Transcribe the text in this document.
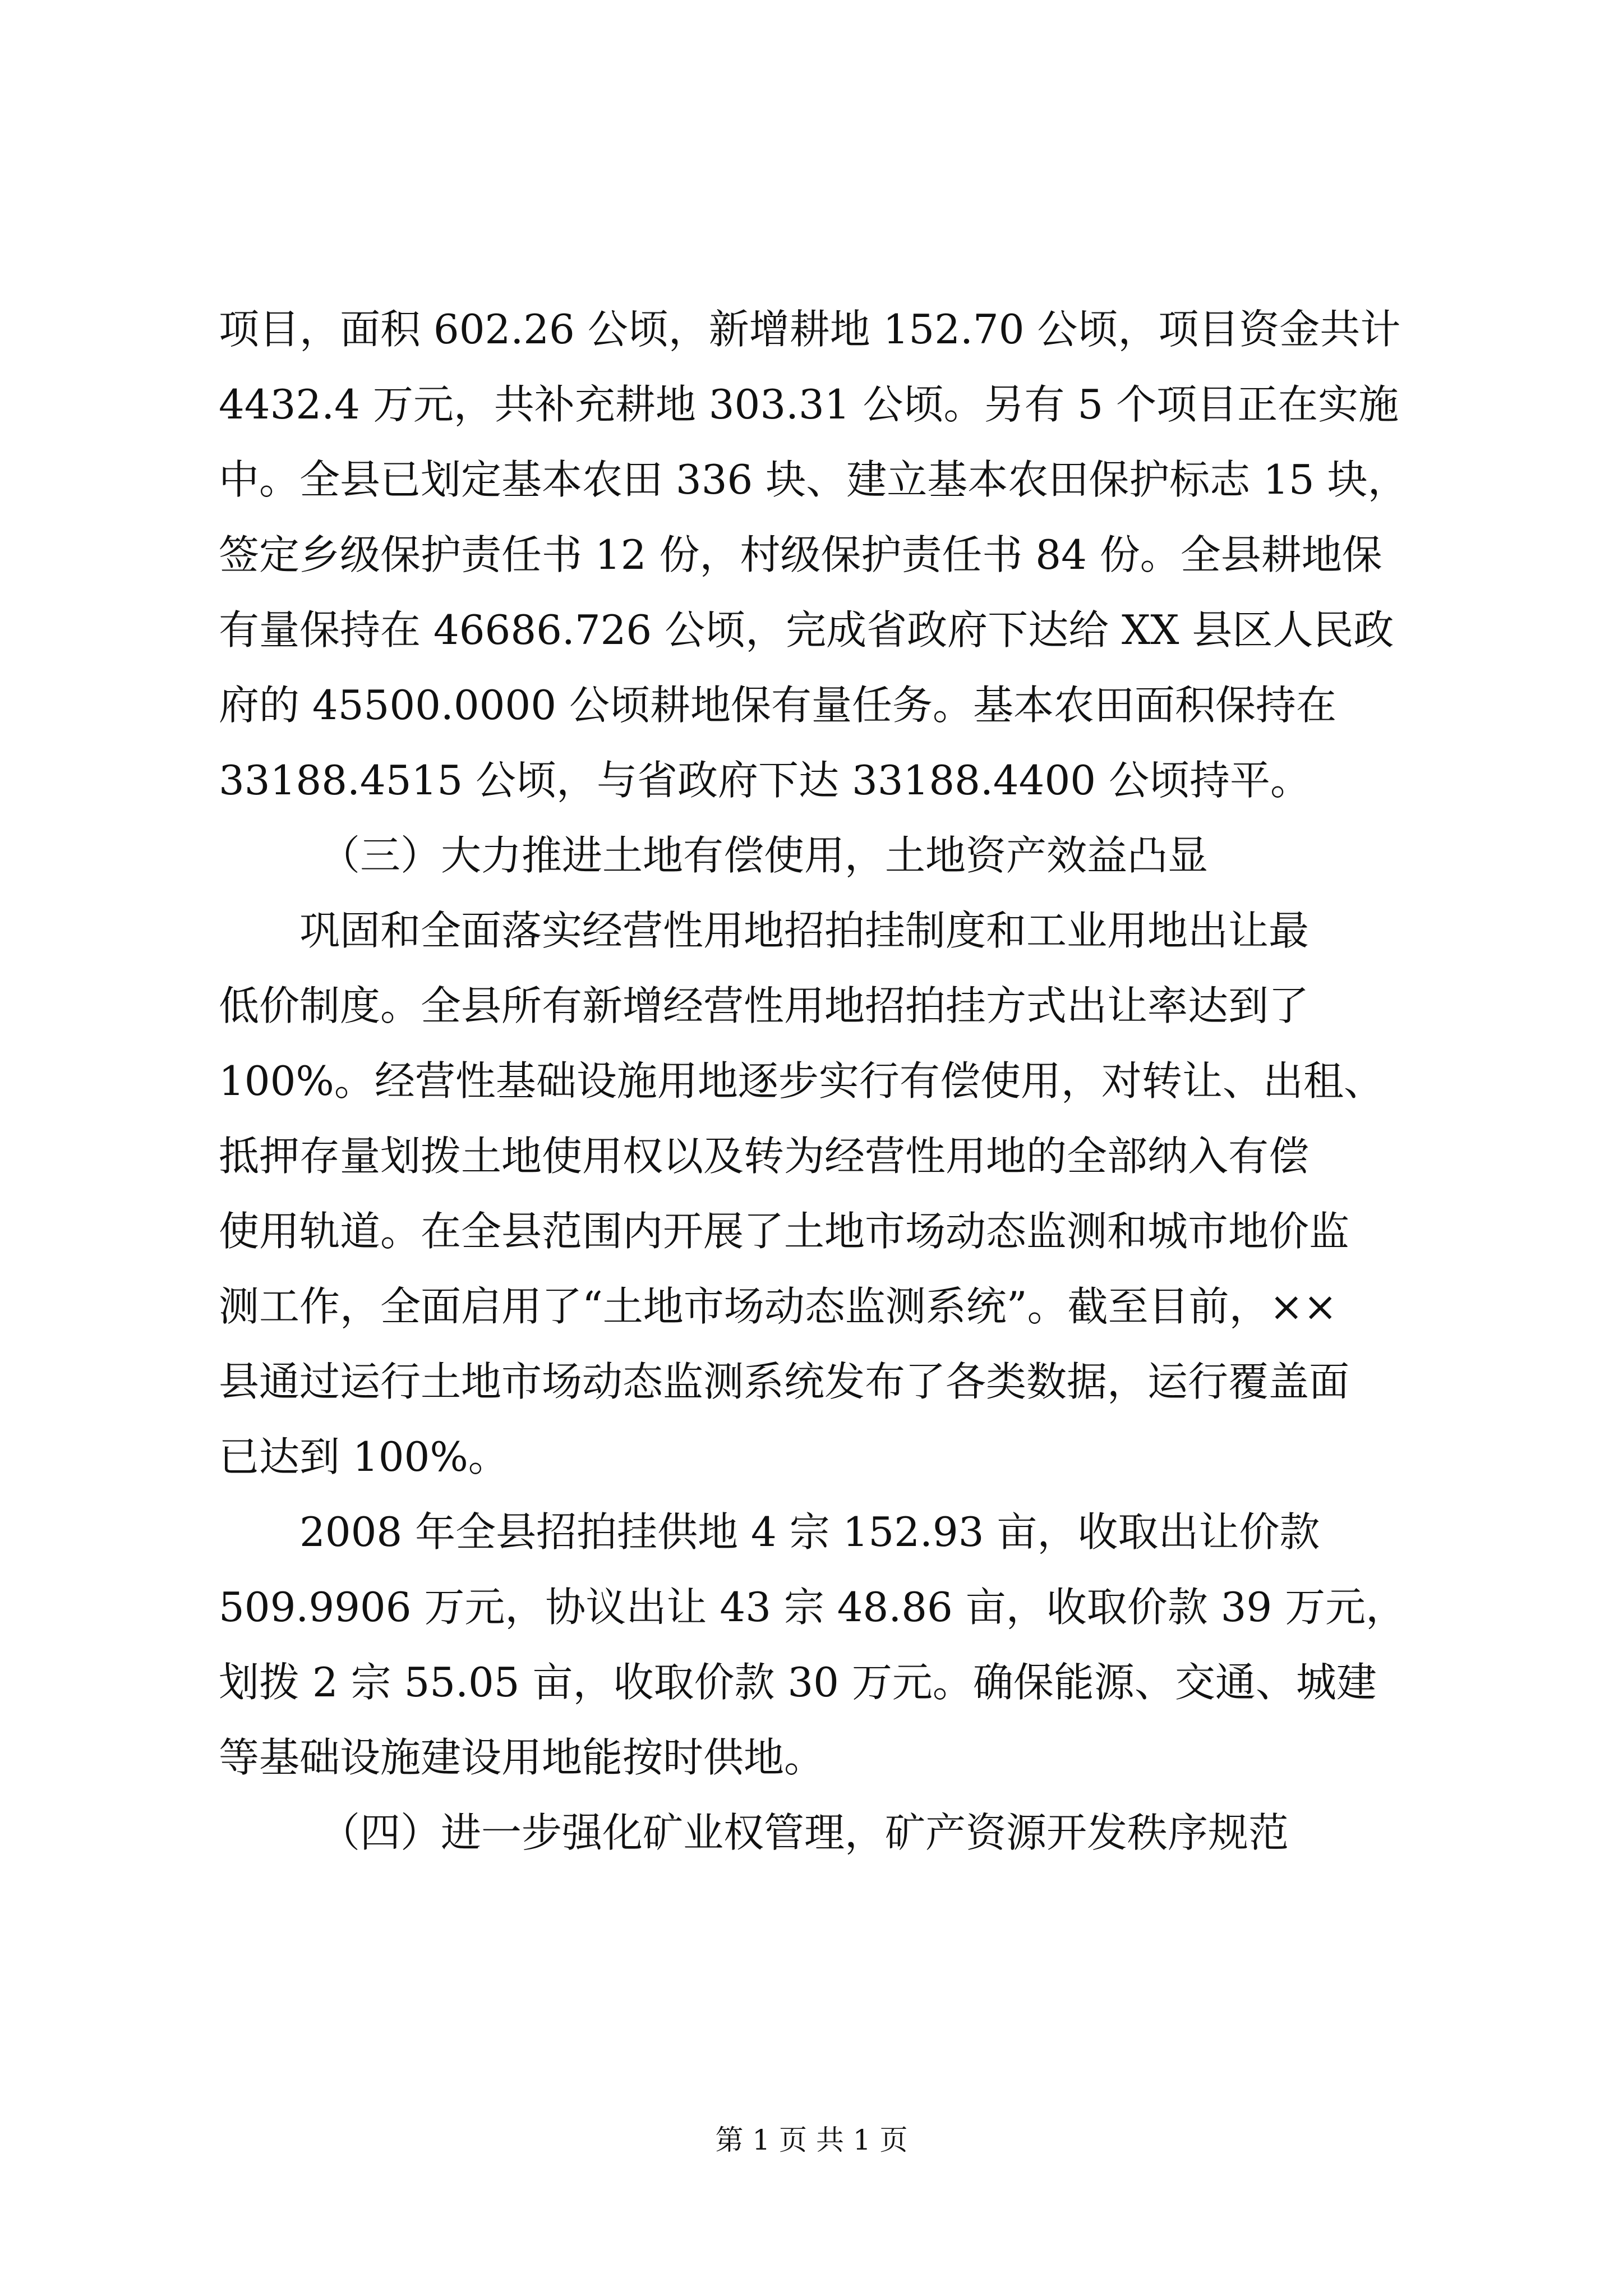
项目，面积 602.26 公顷，新增耕地 152.70 公顷，项目资金共计
4432.4 万元，共补充耕地 303.31 公顷。另有 5 个项目正在实施
中。全县已划定基本农田 336 块、建立基本农田保护标志 15 块，
签定乡级保护责任书 12 份，村级保护责任书 84 份。全县耕地保
有量保持在 46686.726 公顷，完成省政府下达给 XX 县区人民政
府的 45500.0000 公顷耕地保有量任务。基本农田面积保持在
33188.4515 公顷，与省政府下达 33188.4400 公顷持平。
（三）大力推进土地有偿使用，土地资产效益凸显
巩固和全面落实经营性用地招拍挂制度和工业用地出让最
低价制度。全县所有新增经营性用地招拍挂方式出让率达到了
100%。经营性基础设施用地逐步实行有偿使用，对转让、出租、
抵押存量划拨土地使用权以及转为经营性用地的全部纳入有偿
使用轨道。在全县范围内开展了土地市场动态监测和城市地价监
测工作，全面启用了“土地市场动态监测系统”。截至目前，××
县通过运行土地市场动态监测系统发布了各类数据，运行覆盖面
已达到 100%。
2008 年全县招拍挂供地 4 宗 152.93 亩，收取出让价款
509.9906 万元，协议出让 43 宗 48.86 亩，收取价款 39 万元，
划拨 2 宗 55.05 亩，收取价款 30 万元。确保能源、交通、城建
等基础设施建设用地能按时供地。
（四）进一步强化矿业权管理，矿产资源开发秩序规范
第 1 页 共 1 页
